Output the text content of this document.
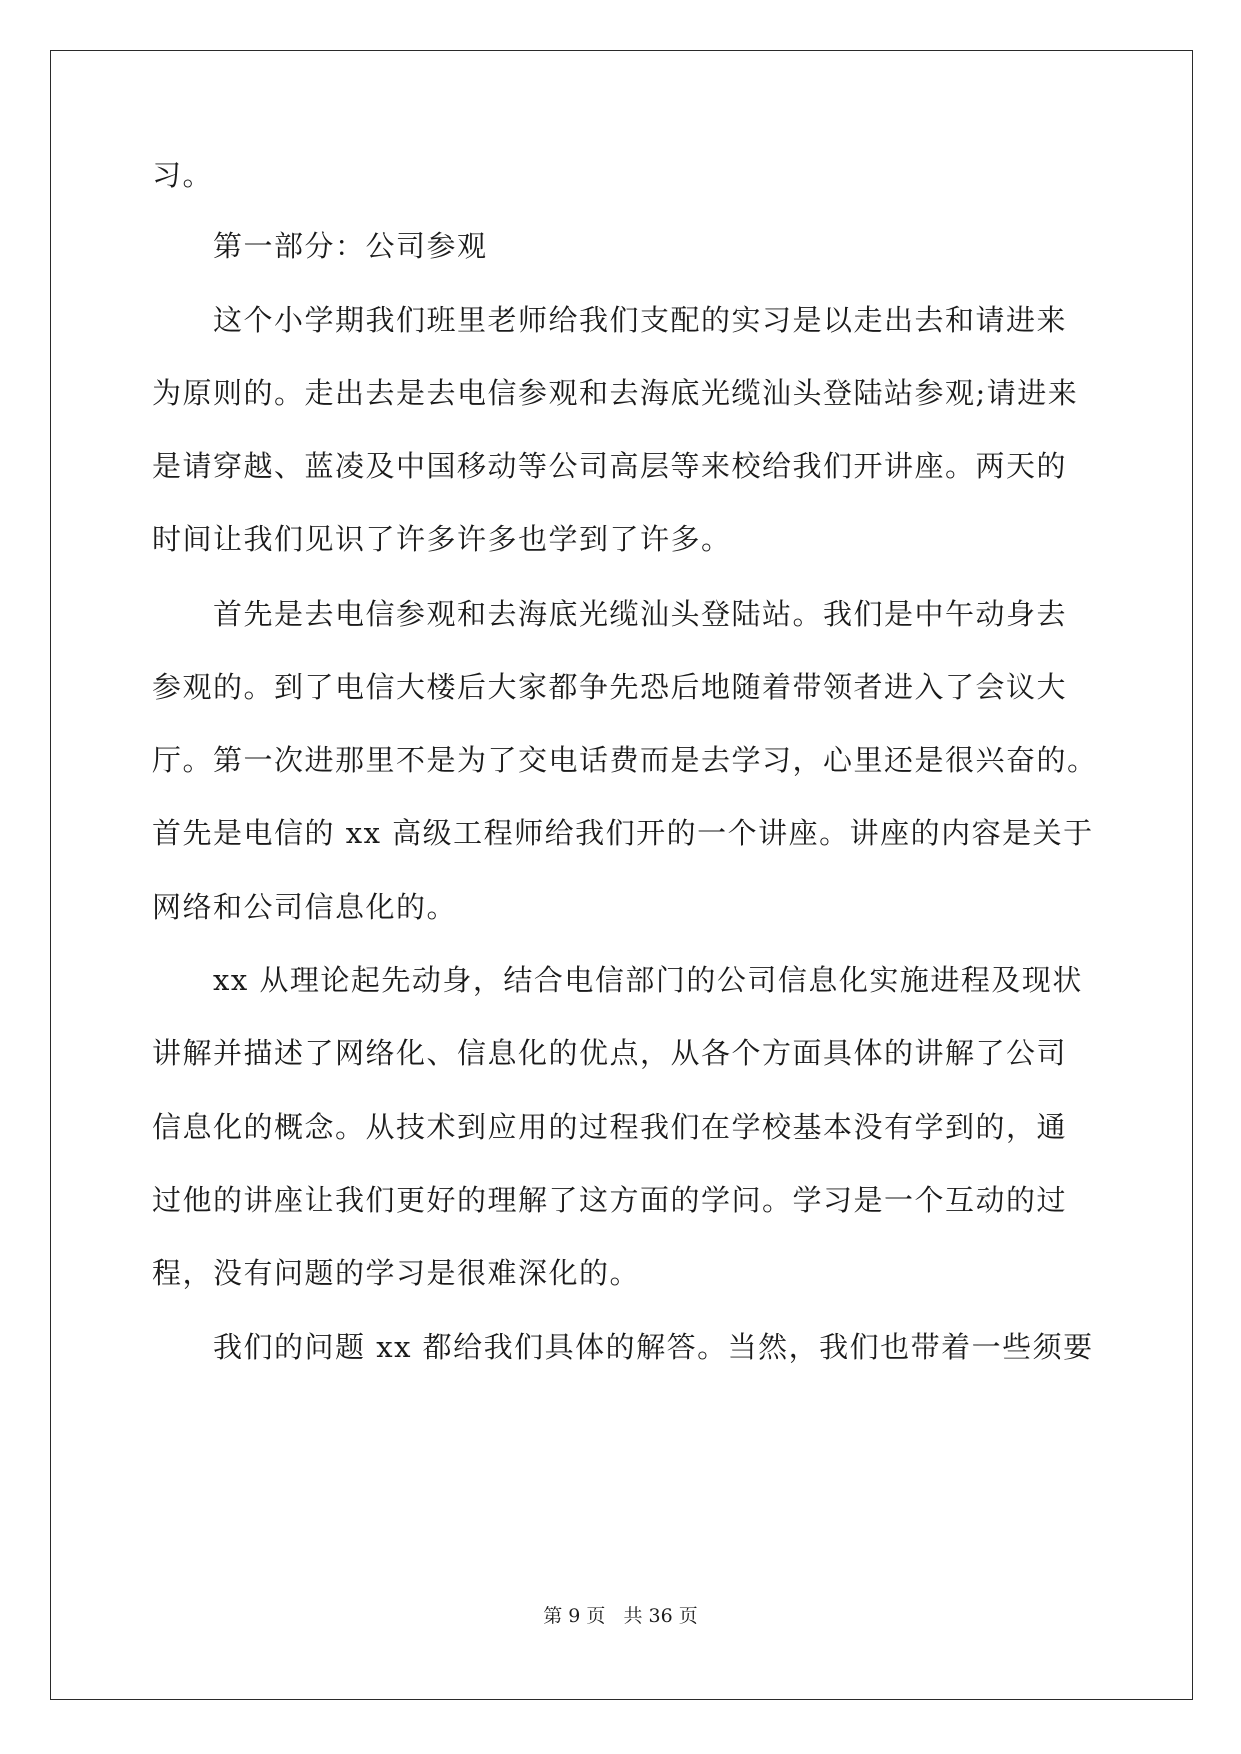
习。
第一部分：公司参观
这个小学期我们班里老师给我们支配的实习是以走出去和请进来
为原则的。走出去是去电信参观和去海底光缆汕头登陆站参观;请进来
是请穿越、蓝凌及中国移动等公司高层等来校给我们开讲座。两天的
时间让我们见识了许多许多也学到了许多。
首先是去电信参观和去海底光缆汕头登陆站。我们是中午动身去
参观的。到了电信大楼后大家都争先恐后地随着带领者进入了会议大
厅。第一次进那里不是为了交电话费而是去学习，心里还是很兴奋的。
首先是电信的 xx 高级工程师给我们开的一个讲座。讲座的内容是关于
网络和公司信息化的。
xx 从理论起先动身，结合电信部门的公司信息化实施进程及现状
讲解并描述了网络化、信息化的优点，从各个方面具体的讲解了公司
信息化的概念。从技术到应用的过程我们在学校基本没有学到的，通
过他的讲座让我们更好的理解了这方面的学问。学习是一个互动的过
程，没有问题的学习是很难深化的。
我们的问题 xx 都给我们具体的解答。当然，我们也带着一些须要
第 9 页   共 36 页
